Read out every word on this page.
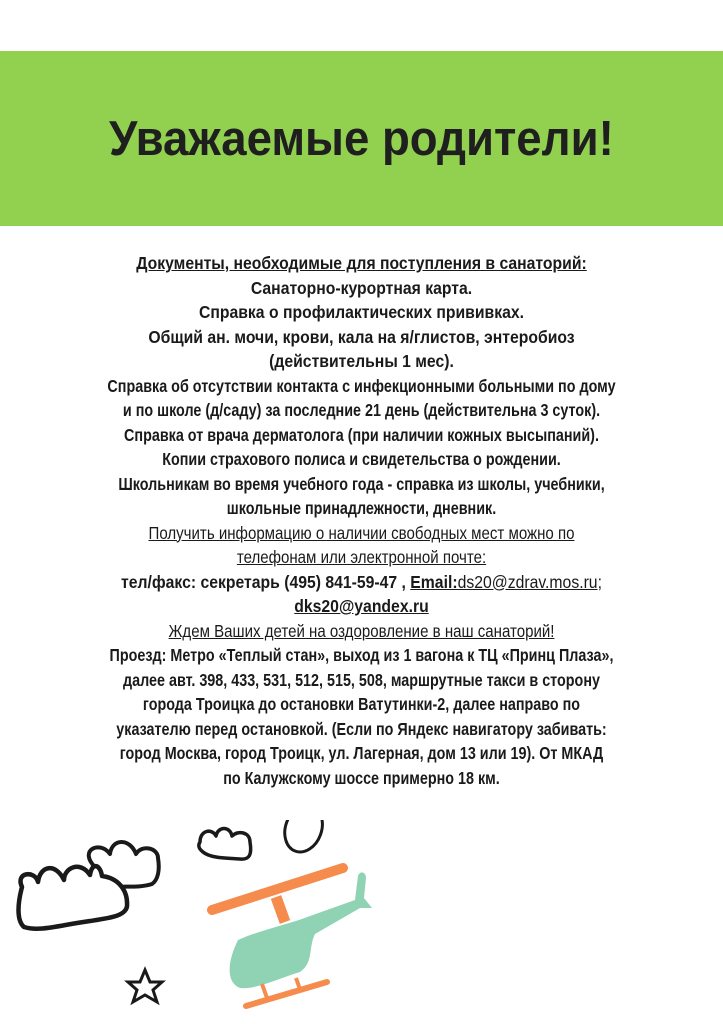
Уважаемые родители!
Документы, необходимые для поступления в санаторий:
Санаторно-курортная карта.
Справка о профилактических прививках.
Общий ан. мочи, крови, кала на я/глистов, энтеробиоз
(действительны 1 мес).
Справка об отсутствии контакта с инфекционными больными по дому
и по школе (д/саду) за последние 21 день (действительна 3 суток).
Справка от врача дерматолога (при наличии кожных высыпаний).
Копии страхового полиса и свидетельства о рождении.
Школьникам во время учебного года - справка из школы, учебники,
школьные принадлежности, дневник.
Получить информацию о наличии свободных мест можно по
телефонам или электронной почте:
тел/факс: секретарь (495) 841-59-47 , Email:ds20@zdrav.mos.ru;
dks20@yandex.ru
Ждем Ваших детей на оздоровление в наш санаторий!
Проезд: Метро «Теплый стан», выход из 1 вагона к ТЦ «Принц Плаза»,
далее авт. 398, 433, 531, 512, 515, 508, маршрутные такси в сторону
города Троицка до остановки Ватутинки-2, далее направо по
указателю перед остановкой. (Если по Яндекс навигатору забивать:
город Москва, город Троицк, ул. Лагерная, дом 13 или 19). От МКАД
по Калужскому шоссе примерно 18 км.
